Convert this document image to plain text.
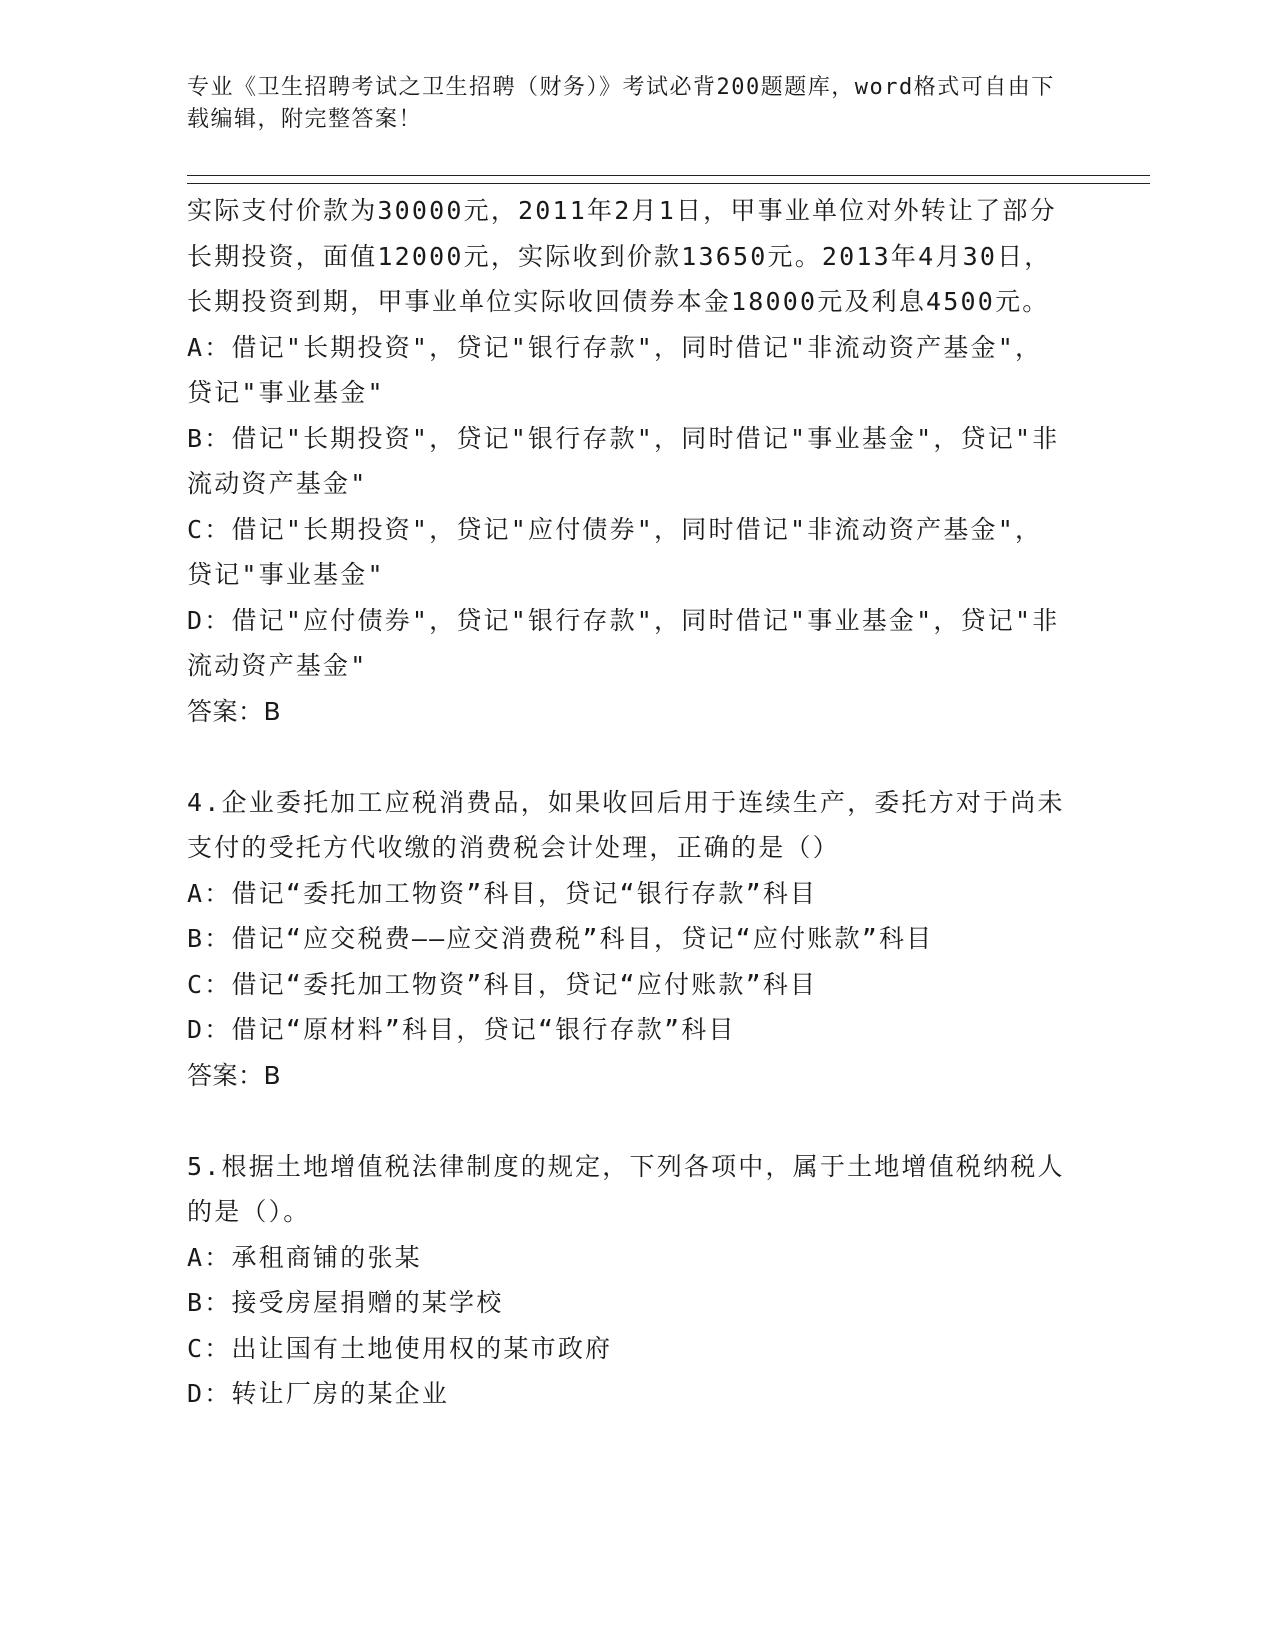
专业《卫生招聘考试之卫生招聘（财务）》考试必背200题题库，word格式可自由下载编辑，附完整答案！

实际支付价款为30000元，2011年2月1日，甲事业单位对外转让了部分长期投资，面值12000元，实际收到价款13650元。2013年4月30日，长期投资到期，甲事业单位实际收回债券本金18000元及利息4500元。

A：借记"长期投资"，贷记"银行存款"，同时借记"非流动资产基金"，贷记"事业基金"

B：借记"长期投资"，贷记"银行存款"，同时借记"事业基金"，贷记"非流动资产基金"

C：借记"长期投资"，贷记"应付债券"，同时借记"非流动资产基金"，贷记"事业基金"

D：借记"应付债券"，贷记"银行存款"，同时借记"事业基金"，贷记"非流动资产基金"

答案：B

4.企业委托加工应税消费品，如果收回后用于连续生产，委托方对于尚未支付的受托方代收缴的消费税会计处理，正确的是（）

A：借记“委托加工物资”科目，贷记“银行存款”科目

B：借记“应交税费——应交消费税”科目，贷记“应付账款”科目

C：借记“委托加工物资”科目，贷记“应付账款”科目

D：借记“原材料”科目，贷记“银行存款”科目

答案：B

5.根据土地增值税法律制度的规定，下列各项中，属于土地增值税纳税人的是（）。

A：承租商铺的张某

B：接受房屋捐赠的某学校

C：出让国有土地使用权的某市政府

D：转让厂房的某企业
